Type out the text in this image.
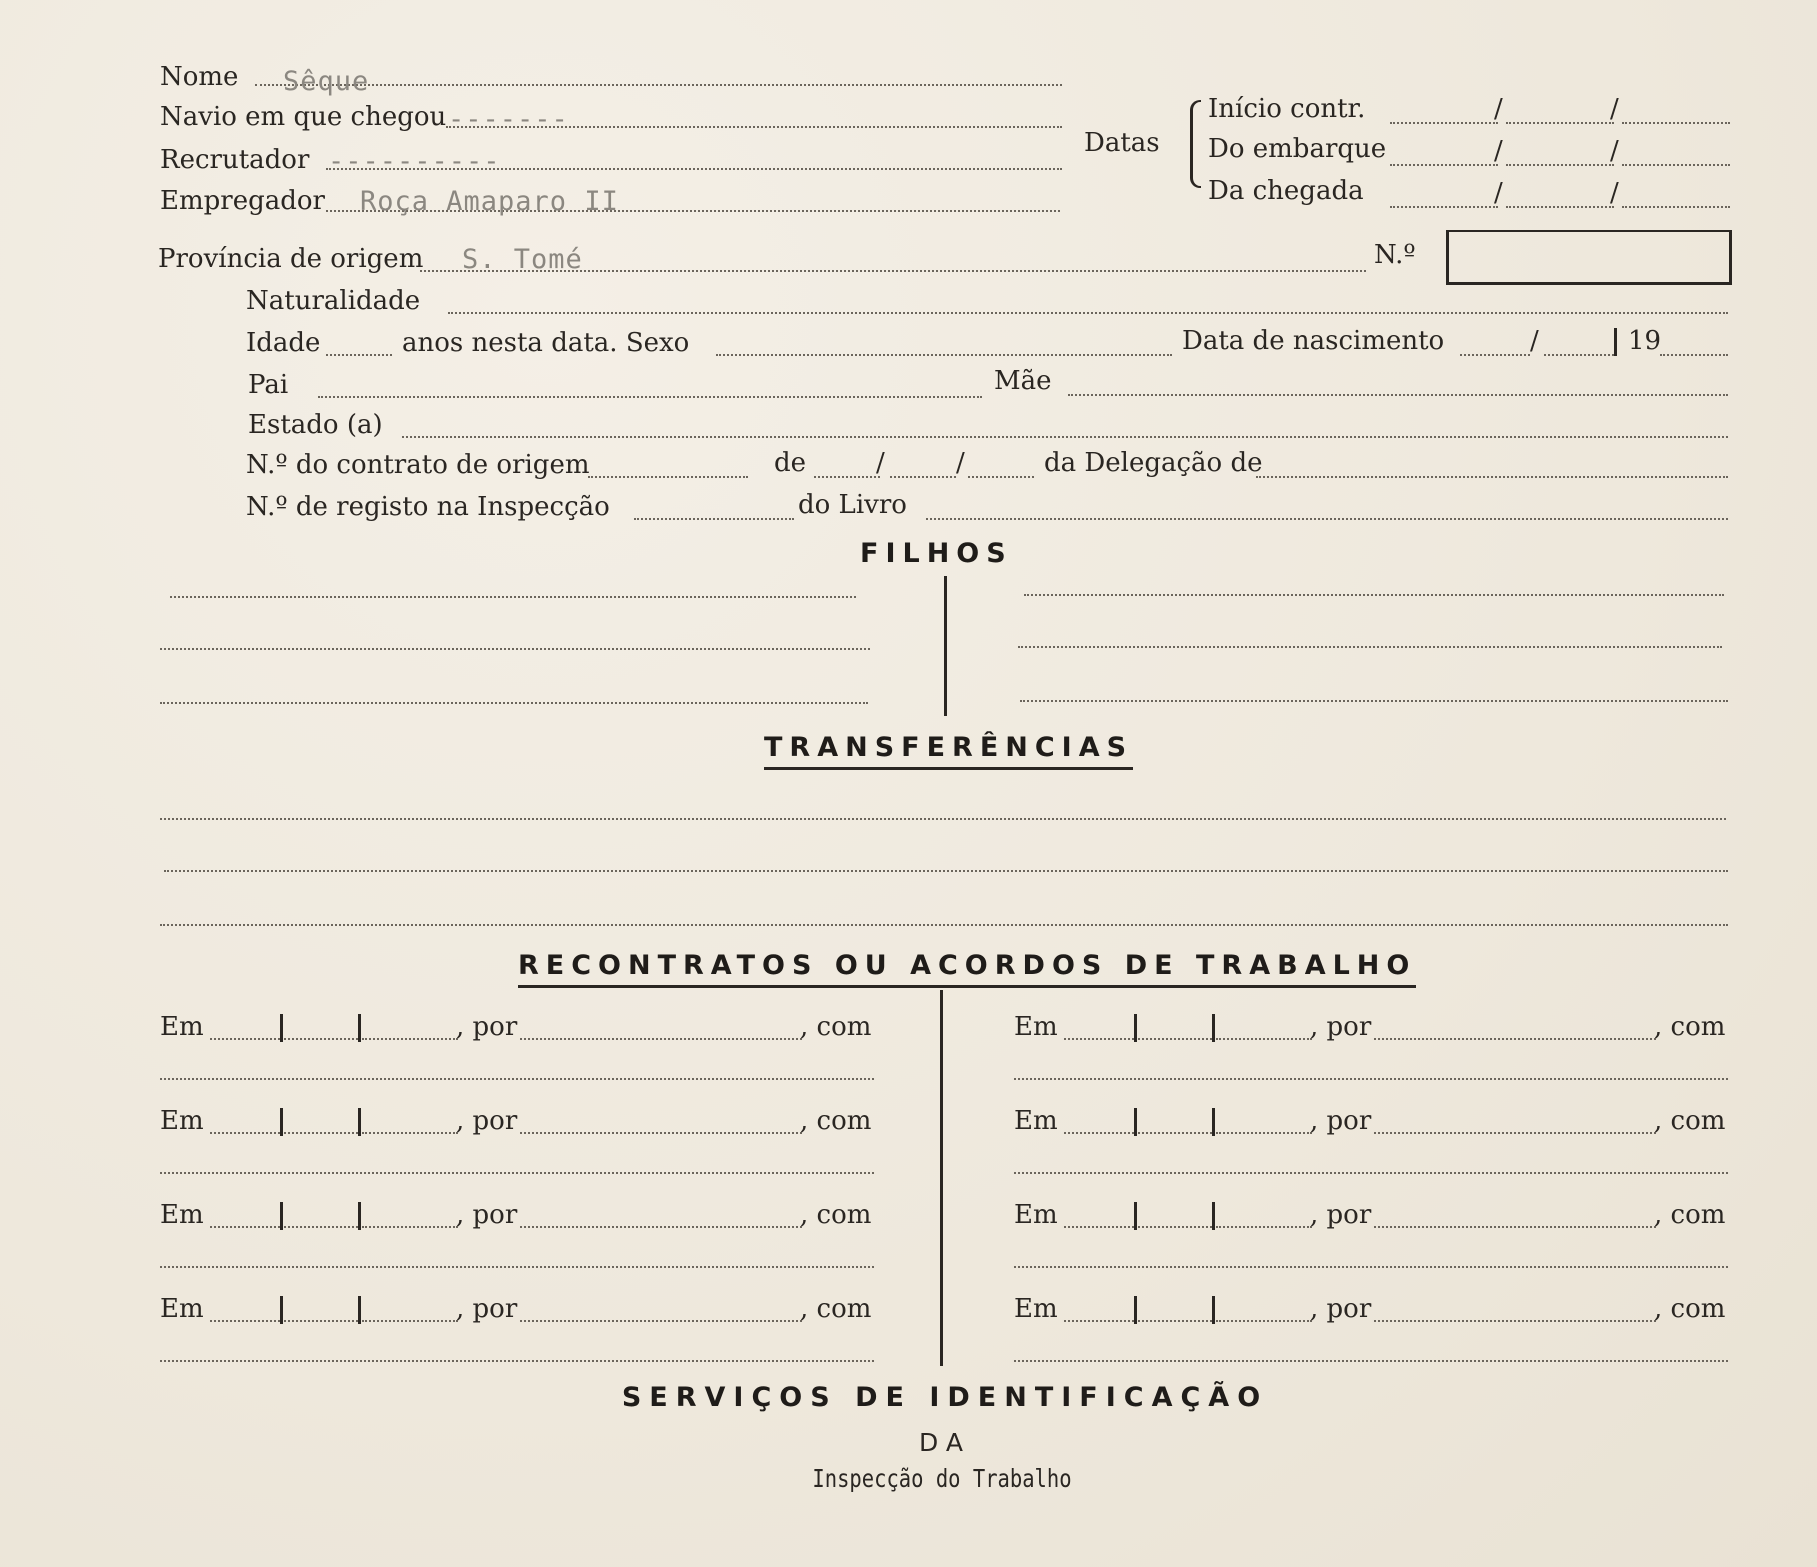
Nome Sêque
Navio em que chegou -------
Recrutador ----------
Empregador Roça Amaparo II
Datas
Início contr.	/	/
Do embarque	/	/
Da chegada	/	/
Província de origem S. Tomé	N.º
Naturalidade
Idade	anos nesta data. Sexo	Data de nascimento	/	19
Pai	Mãe
Estado (a)
N.º do contrato de origem	de	/	/	da Delegação de
N.º de registo na Inspecção	do Livro
FILHOS
TRANSFERÊNCIAS
RECONTRATOS OU ACORDOS DE TRABALHO
Em	, por	, com
Em	, por	, com
Em	, por	, com
Em	, por	, com
Em	, por	, com
Em	, por	, com
Em	, por	, com
Em	, por	, com
SERVIÇOS DE IDENTIFICAÇÃO
DA
Inspecção do Trabalho
